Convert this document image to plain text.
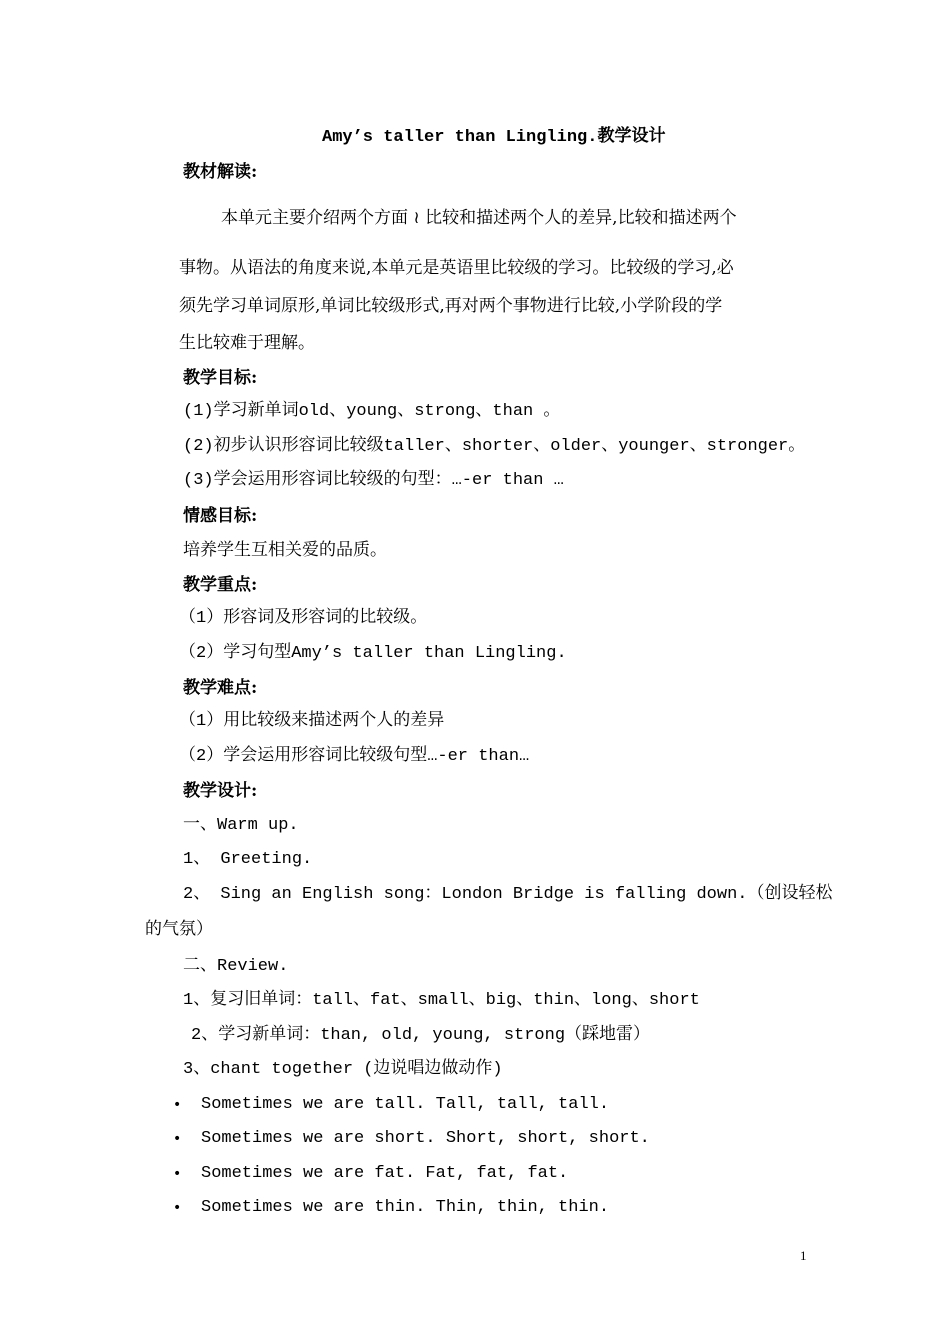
Amy’s taller than Lingling.教学设计
教材解读:
本单元主要介绍两个方面 ≀ 比较和描述两个人的差异,比较和描述两个
事物。从语法的角度来说,本单元是英语里比较级的学习。比较级的学习,必
须先学习单词原形,单词比较级形式,再对两个事物进行比较,小学阶段的学
生比较难于理解。
教学目标:
(1)学习新单词old、young、strong、than 。
(2)初步认识形容词比较级taller、shorter、older、younger、stronger。
(3)学会运用形容词比较级的句型：…-er than …
情感目标:
培养学生互相关爱的品质。
教学重点:
（1）形容词及形容词的比较级。
（2）学习句型Amy’s taller than Lingling.
教学难点:
（1）用比较级来描述两个人的差异
（2）学会运用形容词比较级句型…-er than…
教学设计:
一、Warm up.
1、 Greeting.
2、 Sing an English song：London Bridge is falling down.（创设轻松
的气氛）
二、Review.
1、复习旧单词：tall、fat、small、big、thin、long、short
2、学习新单词：than, old, young, strong（踩地雷）
3、chant together (边说唱边做动作)
• Sometimes we are tall. Tall, tall, tall.
• Sometimes we are short. Short, short, short.
• Sometimes we are fat. Fat, fat, fat.
• Sometimes we are thin. Thin, thin, thin.
1
